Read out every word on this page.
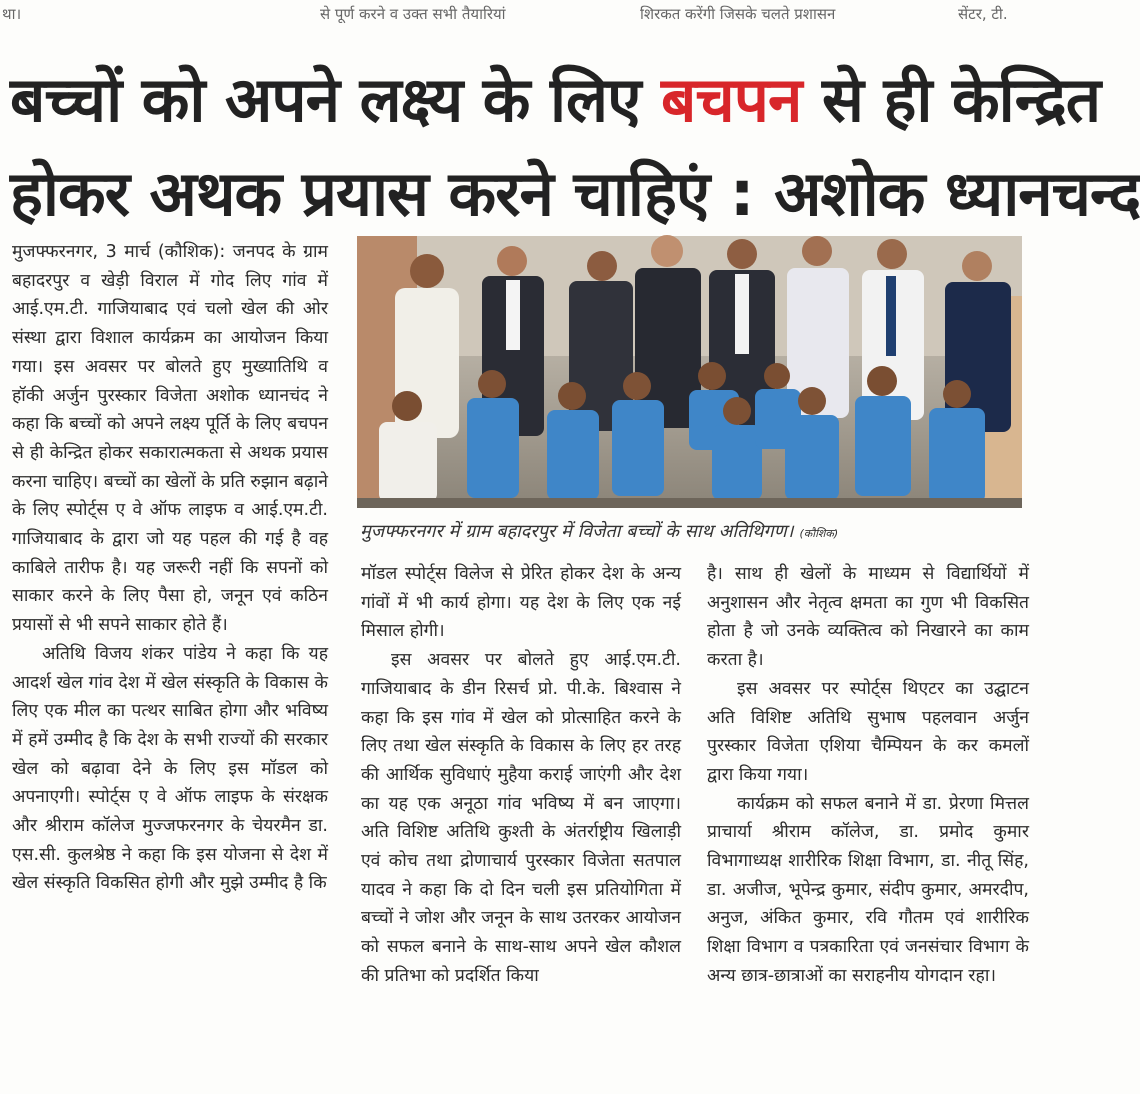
था।	से पूर्ण करने व उक्त सभी तैयारियां	शिरकत करेंगी जिसके चलते प्रशासन	सेंटर, टी.
बच्चों को अपने लक्ष्य के लिए बचपन से ही केन्द्रित
होकर अथक प्रयास करने चाहिएं : अशोक ध्यानचन्द

मुजफ्फरनगर, 3 मार्च (कौशिक): जनपद के ग्राम बहादरपुर व खेड़ी विराल में गोद लिए गांव में आई.एम.टी. गाजियाबाद एवं चलो खेल की ओर संस्था द्वारा विशाल कार्यक्रम का आयोजन किया गया। इस अवसर पर बोलते हुए मुख्यातिथि व हॉकी अर्जुन पुरस्कार विजेता अशोक ध्यानचंद ने कहा कि बच्चों को अपने लक्ष्य पूर्ति के लिए बचपन से ही केन्द्रित होकर सकारात्मकता से अथक प्रयास करना चाहिए। बच्चों का खेलों के प्रति रुझान बढ़ाने के लिए स्पोर्ट्स ए वे ऑफ लाइफ व आई.एम.टी. गाजियाबाद के द्वारा जो यह पहल की गई है वह काबिले तारीफ है। यह जरूरी नहीं कि सपनों को साकार करने के लिए पैसा हो, जनून एवं कठिन प्रयासों से भी सपने साकार होते हैं।

अतिथि विजय शंकर पांडेय ने कहा कि यह आदर्श खेल गांव देश में खेल संस्कृति के विकास के लिए एक मील का पत्थर साबित होगा और भविष्य में हमें उम्मीद है कि देश के सभी राज्यों की सरकार खेल को बढ़ावा देने के लिए इस मॉडल को अपनाएगी। स्पोर्ट्स ए वे ऑफ लाइफ के संरक्षक और श्रीराम कॉलेज मुज्जफरनगर के चेयरमैन डा. एस.सी. कुलश्रेष्ठ ने कहा कि इस योजना से देश में खेल संस्कृति विकसित होगी और मुझे उम्मीद है कि

मुजफ्फरनगर में ग्राम बहादरपुर में विजेता बच्चों के साथ अतिथिगण। (कौशिक)

मॉडल स्पोर्ट्स विलेज से प्रेरित होकर देश के अन्य गांवों में भी कार्य होगा। यह देश के लिए एक नई मिसाल होगी।

इस अवसर पर बोलते हुए आई.एम.टी. गाजियाबाद के डीन रिसर्च प्रो. पी.के. बिश्वास ने कहा कि इस गांव में खेल को प्रोत्साहित करने के लिए तथा खेल संस्कृति के विकास के लिए हर तरह की आर्थिक सुविधाएं मुहैया कराई जाएंगी और देश का यह एक अनूठा गांव भविष्य में बन जाएगा। अति विशिष्ट अतिथि कुश्ती के अंतर्राष्ट्रीय खिलाड़ी एवं कोच तथा द्रोणाचार्य पुरस्कार विजेता सतपाल यादव ने कहा कि दो दिन चली इस प्रतियोगिता में बच्चों ने जोश और जनून के साथ उतरकर आयोजन को सफल बनाने के साथ-साथ अपने खेल कौशल की प्रतिभा को प्रदर्शित किया

है। साथ ही खेलों के माध्यम से विद्यार्थियों में अनुशासन और नेतृत्व क्षमता का गुण भी विकसित होता है जो उनके व्यक्तित्व को निखारने का काम करता है।

इस अवसर पर स्पोर्ट्स थिएटर का उद्घाटन अति विशिष्ट अतिथि सुभाष पहलवान अर्जुन पुरस्कार विजेता एशिया चैम्पियन के कर कमलों द्वारा किया गया।

कार्यक्रम को सफल बनाने में डा. प्रेरणा मित्तल प्राचार्या श्रीराम कॉलेज, डा. प्रमोद कुमार विभागाध्यक्ष शारीरिक शिक्षा विभाग, डा. नीतू सिंह, डा. अजीज, भूपेन्द्र कुमार, संदीप कुमार, अमरदीप, अनुज, अंकित कुमार, रवि गौतम एवं शारीरिक शिक्षा विभाग व पत्रकारिता एवं जनसंचार विभाग के अन्य छात्र-छात्राओं का सराहनीय योगदान रहा।
